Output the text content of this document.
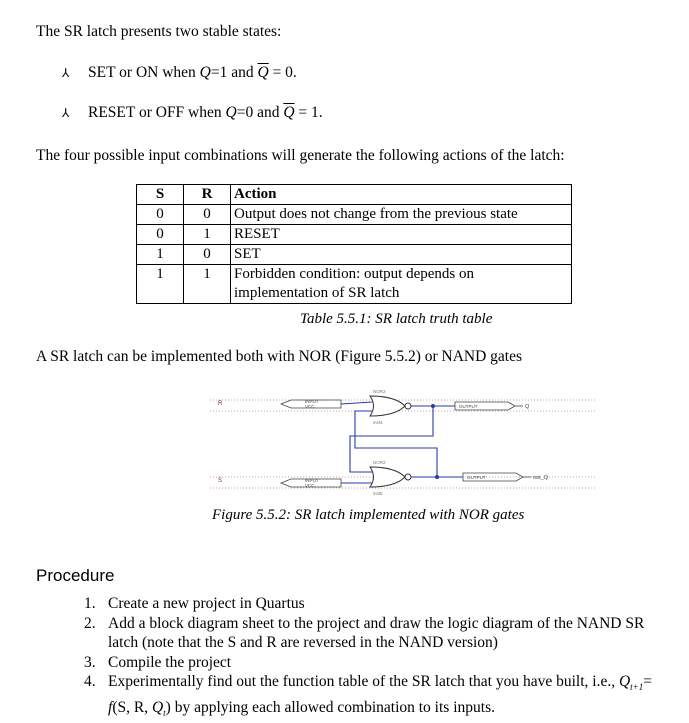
The SR latch presents two stable states:
⅄ SET or ON when Q=1 and $\overline{Q} = 0$.
⅄ RESET or OFF when Q=0 and $\overline{Q} = 1$.
The four possible input combinations will generate the following actions of the latch:
S	R	Action
0	0	Output does not change from the previous state
0	1	RESET
1	0	SET
1	1	Forbidden condition: output depends on implementation of SR latch
Table 5.5.1: SR latch truth table
A SR latch can be implemented both with NOR (Figure 5.5.2) or NAND gates
R
S
INPUT
VCC
INPUT
VCC
NOR2
inst4
NOR2
inst5
OUTPUT	Q
OUTPUT	not_Q
Figure 5.5.2: SR latch implemented with NOR gates
Procedure
1. Create a new project in Quartus
2. Add a block diagram sheet to the project and draw the logic diagram of the NAND SR latch (note that the S and R are reversed in the NAND version)
3. Compile the project
4. Experimentally find out the function table of the SR latch that you have built, i.e., $Q_{t+1}= f(S$, R, $Q_t$) by applying each allowed combination to its inputs.
